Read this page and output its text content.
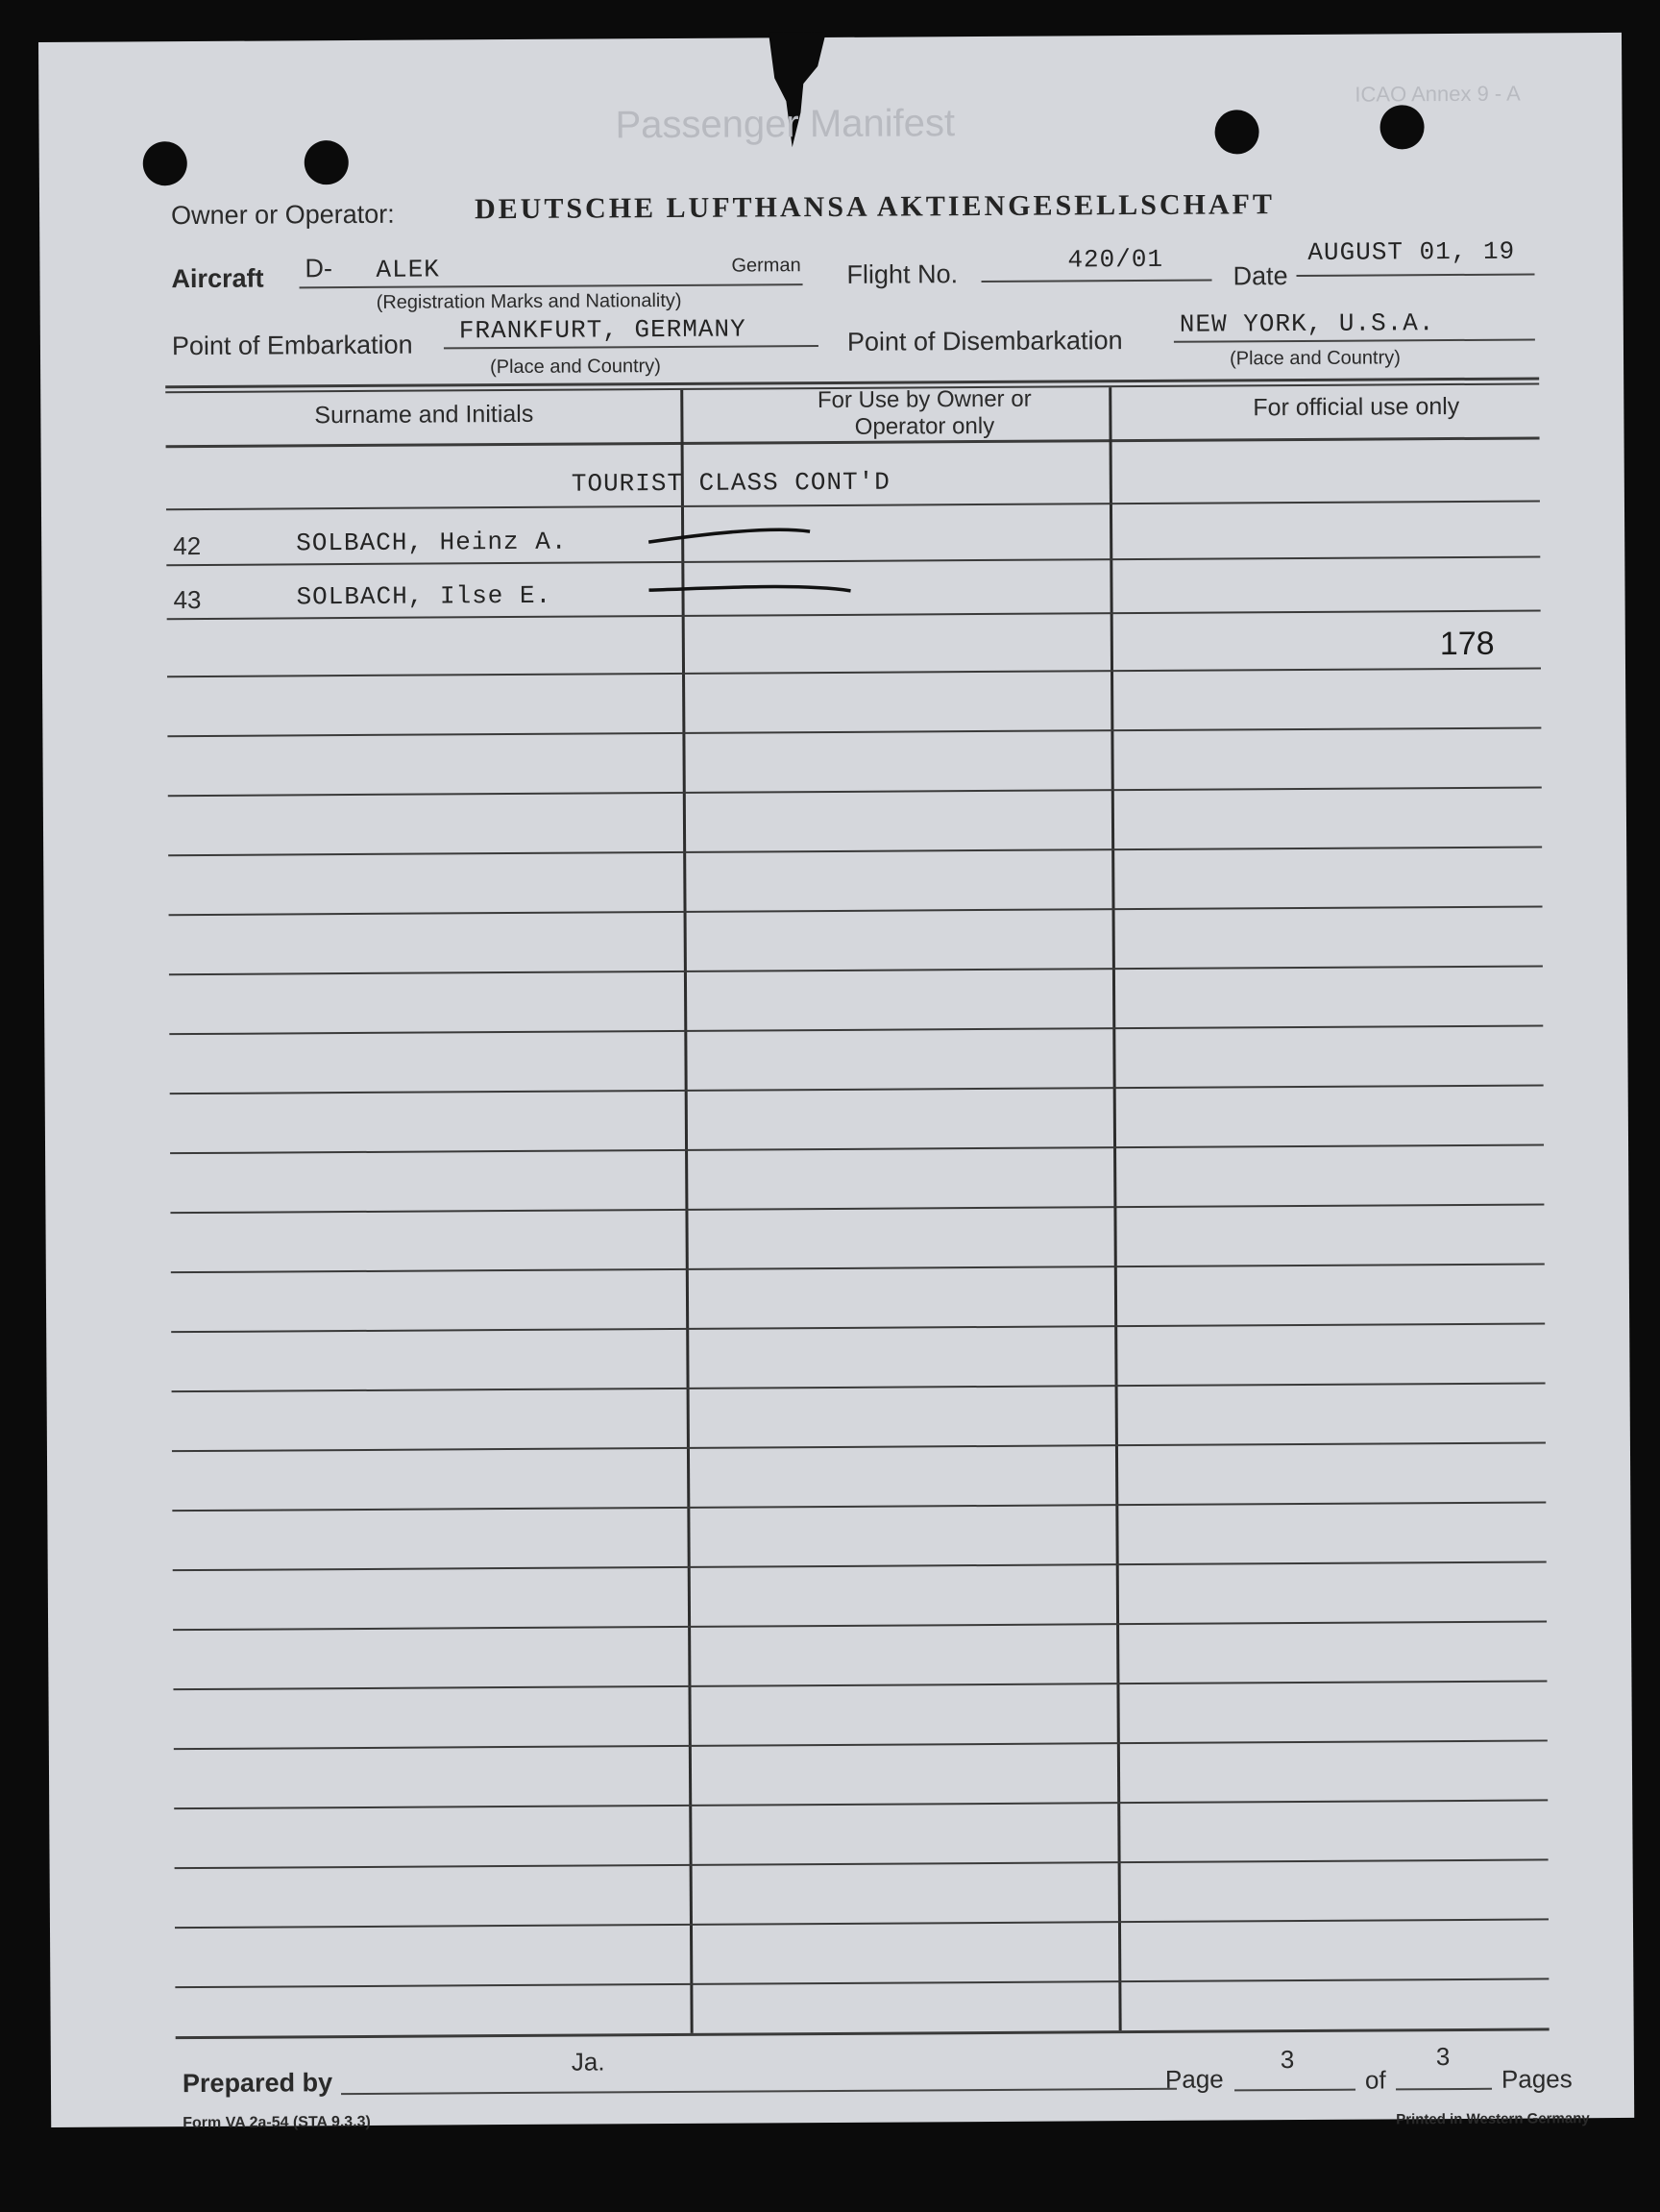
Passenger Manifest
ICAO Annex 9 - A
Owner or Operator:	DEUTSCHE LUFTHANSA AKTIENGESELLSCHAFT
Aircraft D- ALEK	German
(Registration Marks and Nationality)
Flight No.
420/01
Date
AUGUST 01, 19
Point of Embarkation
FRANKFURT, GERMANY
(Place and Country)
Point of Disembarkation
NEW YORK, U.S.A.
(Place and Country)
Surname and Initials
For Use by Owner or Operator only
For official use only
TOURIST CLASS CONT'D
42	SOLBACH, Heinz A.
43	SOLBACH, Ilse E.
178
Prepared by
Ja.
Page
3
of
3
Pages
Form VA 2a-54 (STA 9.3.3)	Printed in Western Germany
